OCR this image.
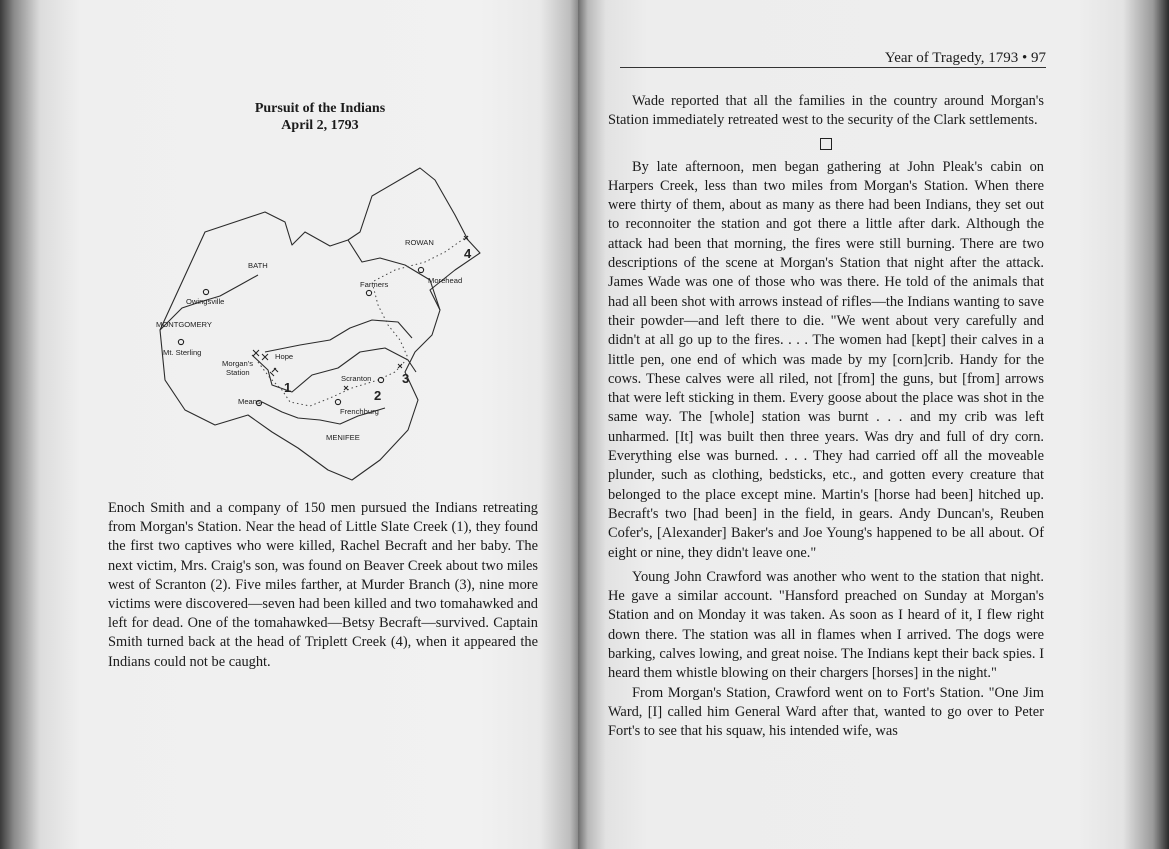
Pursuit of the Indians
April 2, 1793
ROWAN
BATH
Farmers	Morehead
Owingsville
MONTGOMERY
Mt. Sterling
Morgan's
Station
Hope
Means
Scranton
Frenchburg
MENIFEE
1
2
3
4

Enoch Smith and a company of 150 men pursued the Indians retreating from Morgan's Station. Near the head of Little Slate Creek (1), they found the first two captives who were killed, Rachel Becraft and her baby. The next victim, Mrs. Craig's son, was found on Beaver Creek about two miles west of Scranton (2). Five miles farther, at Murder Branch (3), nine more victims were discovered—seven had been killed and two tomahawked and left for dead. One of the tomahawked—Betsy Becraft—survived. Captain Smith turned back at the head of Triplett Creek (4), when it appeared the Indians could not be caught.

Year of Tragedy, 1793 • 97

Wade reported that all the families in the country around Morgan's Station immediately retreated west to the security of the Clark settlements.

By late afternoon, men began gathering at John Pleak's cabin on Harpers Creek, less than two miles from Morgan's Station. When there were thirty of them, about as many as there had been Indians, they set out to reconnoiter the station and got there a little after dark. Although the attack had been that morning, the fires were still burning. There are two descriptions of the scene at Morgan's Station that night after the attack. James Wade was one of those who was there. He told of the animals that had all been shot with arrows instead of rifles—the Indians wanting to save their powder—and left there to die. "We went about very carefully and didn't at all go up to the fires. . . . The women had [kept] their calves in a little pen, one end of which was made by my [corn]crib. Handy for the cows. These calves were all riled, not [from] the guns, but [from] arrows that were left sticking in them. Every goose about the place was shot in the same way. The [whole] station was burnt . . . and my crib was left unharmed. [It] was built then three years. Was dry and full of dry corn. Everything else was burned. . . . They had carried off all the moveable plunder, such as clothing, bedsticks, etc., and gotten every creature that belonged to the place except mine. Martin's [horse had been] hitched up. Becraft's two [had been] in the field, in gears. Andy Duncan's, Reuben Cofer's, [Alexander] Baker's and Joe Young's happened to be all about. Of eight or nine, they didn't leave one."

Young John Crawford was another who went to the station that night. He gave a similar account. "Hansford preached on Sunday at Morgan's Station and on Monday it was taken. As soon as I heard of it, I flew right down there. The station was all in flames when I arrived. The dogs were barking, calves lowing, and great noise. The Indians kept their back spies. I heard them whistle blowing on their chargers [horses] in the night."

From Morgan's Station, Crawford went on to Fort's Station. "One Jim Ward, [I] called him General Ward after that, wanted to go over to Peter Fort's to see that his squaw, his intended wife, was
